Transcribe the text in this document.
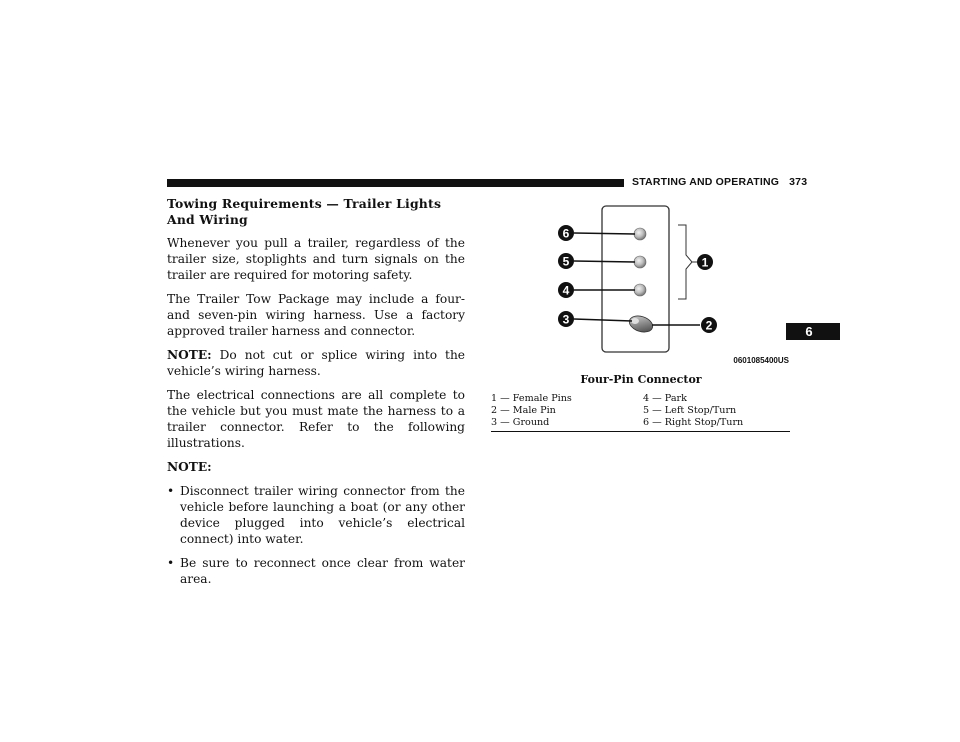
STARTING AND OPERATING 373
6
Towing Requirements — Trailer Lights And Wiring

Whenever you pull a trailer, regardless of the trailer size, stoplights and turn signals on the trailer are required for motoring safety.

The Trailer Tow Package may include a four- and seven-pin wiring harness. Use a factory approved trailer harness and connector.

NOTE: Do not cut or splice wiring into the vehicle’s wiring harness.

The electrical connections are all complete to the vehicle but you must mate the harness to a trailer connector. Refer to the following illustrations.

NOTE:

• Disconnect trailer wiring connector from the vehicle before launching a boat (or any other device plugged into vehicle’s electrical connect) into water.
• Be sure to reconnect once clear from water area.
6
5
4
3
1
2
0601085400US
Four-Pin Connector
1 — Female Pins	4 — Park
2 — Male Pin	5 — Left Stop/Turn
3 — Ground	6 — Right Stop/Turn
